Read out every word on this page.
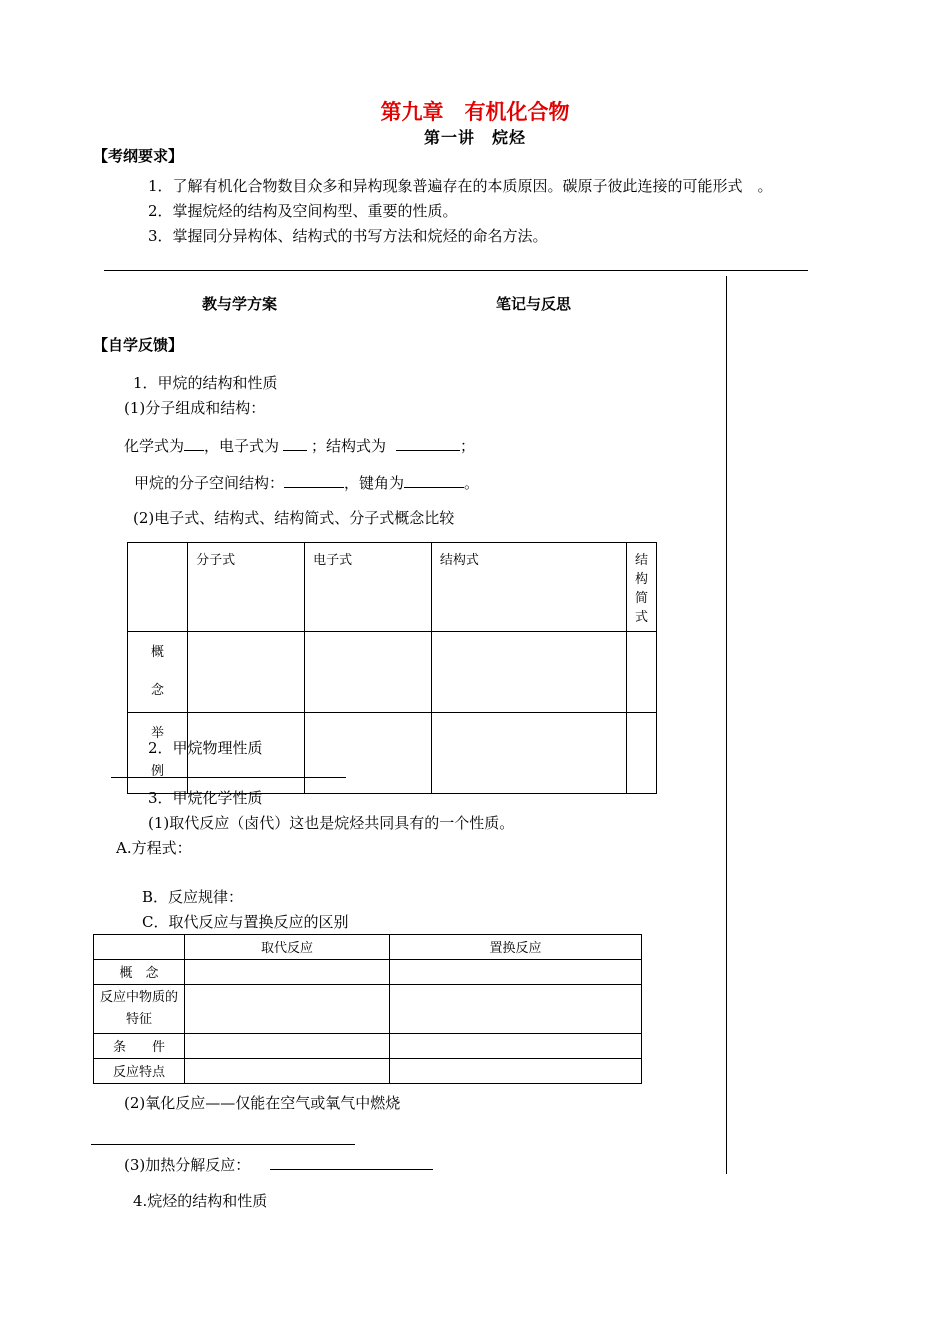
第九章　有机化合物
第一讲　烷烃
【考纲要求】
1．了解有机化合物数目众多和异构现象普遍存在的本质原因。碳原子彼此连接的可能形式　。
2．掌握烷烃的结构及空间构型、重要的性质。
3．掌握同分异构体、结构式的书写方法和烷烃的命名方法。
教与学方案	笔记与反思
【自学反馈】
1．甲烷的结构和性质
(1)分子组成和结构：
化学式为 ，电子式为 ；结构式为	；
甲烷的分子空间结构：	，键角为	。
(2)电子式、结构式、结构简式、分子式概念比较
	分子式	电子式	结构式	结构简式

概
念				

举
例				

2．甲烷物理性质
3．甲烷化学性质
(1)取代反应（卤代）这也是烷烃共同具有的一个性质。
A.方程式：
B．反应规律：
C．取代反应与置换反应的区别
	取代反应	置换反应
概　念		
反应中物质的特征		
条　　件		
反应特点		
(2)氧化反应——仅能在空气或氧气中燃烧
(3)加热分解反应：
4.烷烃的结构和性质
